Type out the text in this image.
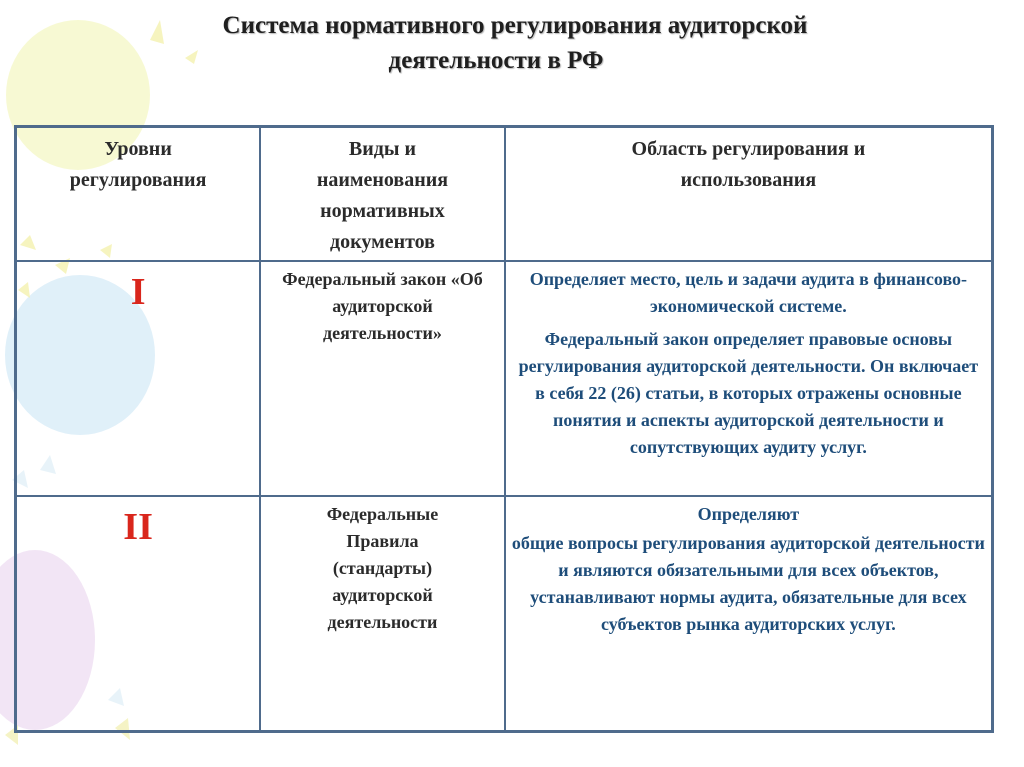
Система нормативного регулирования аудиторской

деятельности в РФ
Уровни регулирования	Виды и наименования нормативных документов	Область регулирования и использования
I	Федеральный закон «Об аудиторской деятельности»	Определяет место, цель и задачи аудита в финансово- экономической системе.

Федеральный закон определяет правовые основы регулирования аудиторской деятельности. Он включает в себя 22 (26) статьи, в которых отражены основные понятия и аспекты аудиторской деятельности и сопутствующих аудиту услуг.

II	Федеральные Правила (стандарты) аудиторской деятельности	Определяют

общие вопросы регулирования аудиторской деятельности и являются обязательными для всех объектов, устанавливают нормы аудита, обязательные для всех субъектов рынка аудиторских услуг.
